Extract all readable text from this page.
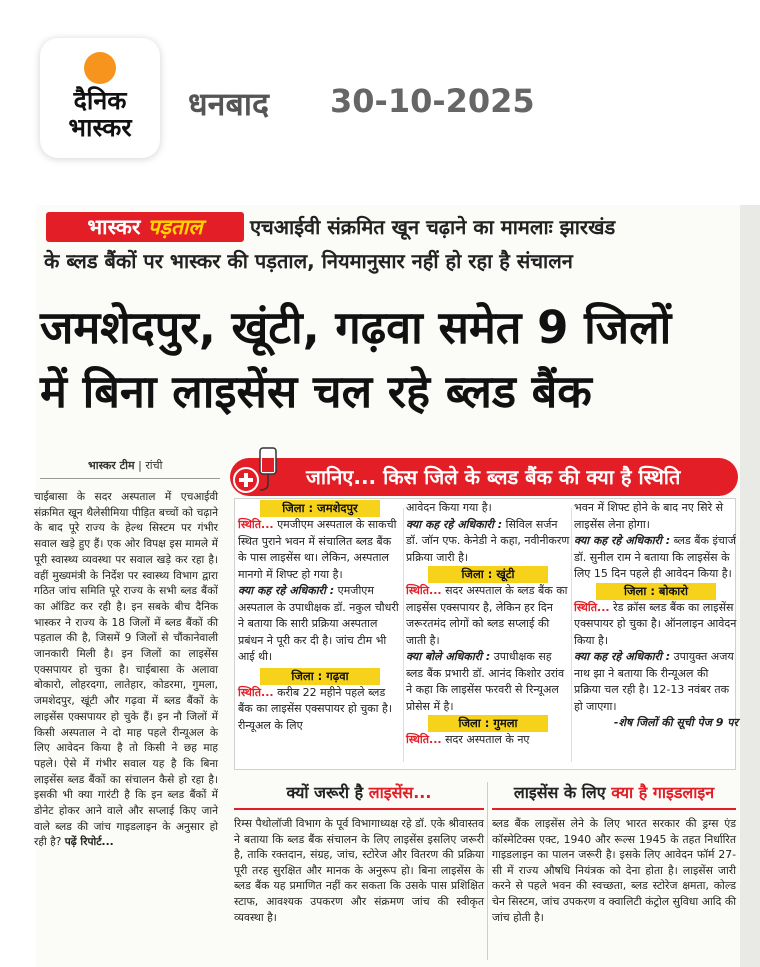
दैनिक
भास्कर
धनबाद 30-10-2025
भास्कर पड़ताल	एचआईवी संक्रमित खून चढ़ाने का मामलाः झारखंड
के ब्लड बैंकों पर भास्कर की पड़ताल, नियमानुसार नहीं हो रहा है संचालन
जमशेदपुर, खूंटी, गढ़वा समेत 9 जिलों
में बिना लाइसेंस चल रहे ब्लड बैंक
भास्कर टीम | रांची
चाईबासा के सदर अस्पताल में एचआईवी संक्रमित खून थैलेसीमिया पीड़ित बच्चों को चढ़ाने के बाद पूरे राज्य के हेल्थ सिस्टम पर गंभीर सवाल खड़े हुए हैं। एक ओर विपक्ष इस मामले में पूरी स्वास्थ्य व्यवस्था पर सवाल खड़े कर रहा है। वहीं मुख्यमंत्री के निर्देश पर स्वास्थ्य विभाग द्वारा गठित जांच समिति पूरे राज्य के सभी ब्लड बैंकों का ऑडिट कर रही है। इन सबके बीच दैनिक भास्कर ने राज्य के 18 जिलों में ब्लड बैंकों की पड़ताल की है, जिसमें 9 जिलों से चौंकानेवाली जानकारी मिली है। इन जिलों का लाइसेंस एक्सपायर हो चुका है। चाईबासा के अलावा बोकारो, लोहरदगा, लातेहार, कोडरमा, गुमला, जमशेदपुर, खूंटी और गढ़वा में ब्लड बैंकों के लाइसेंस एक्सपायर हो चुके हैं। इन नौ जिलों में किसी अस्पताल ने दो माह पहले रीन्यूअल के लिए आवेदन किया है तो किसी ने छह माह पहले। ऐसे में गंभीर सवाल यह है कि बिना लाइसेंस ब्लड बैंकों का संचालन कैसे हो रहा है। इसकी भी क्या गारंटी है कि इन ब्लड बैंकों में डोनेट होकर आने वाले और सप्लाई किए जाने वाले ब्लड की जांच गाइडलाइन के अनुसार हो रही है? पढ़ें रिपोर्ट...
जानिए... किस जिले के ब्लड बैंक की क्या है स्थिति
जिला : जमशेदपुर
स्थिति... एमजीएम अस्पताल के साकची स्थित पुराने भवन में संचालित ब्लड बैंक के पास लाइसेंस था। लेकिन, अस्पताल मानगो में शिफ्ट हो गया है।
क्या कह रहे अधिकारी : एमजीएम अस्पताल के उपाधीक्षक डॉ. नकुल चौधरी ने बताया कि सारी प्रक्रिया अस्पताल प्रबंधन ने पूरी कर दी है। जांच टीम भी आई थी।
जिला : गढ़वा
स्थिति... करीब 22 महीने पहले ब्लड बैंक का लाइसेंस एक्सपायर हो चुका है। रीन्यूअल के लिए
आवेदन किया गया है।
क्या कह रहे अधिकारी : सिविल सर्जन डॉ. जॉन एफ. केनेडी ने कहा, नवीनीकरण प्रक्रिया जारी है।
जिला : खूंटी
स्थिति... सदर अस्पताल के ब्लड बैंक का लाइसेंस एक्सपायर है, लेकिन हर दिन जरूरतमंद लोगों को ब्लड सप्लाई की जाती है।
क्या बोले अधिकारी : उपाधीक्षक सह ब्लड बैंक प्रभारी डॉ. आनंद किशोर उरांव ने कहा कि लाइसेंस फरवरी से रिन्यूअल प्रोसेस में है।
जिला : गुमला
स्थिति... सदर अस्पताल के नए
भवन में शिफ्ट होने के बाद नए सिरे से लाइसेंस लेना होगा।
क्या कह रहे अधिकारी : ब्लड बैंक इंचार्ज डॉ. सुनील राम ने बताया कि लाइसेंस के लिए 15 दिन पहले ही आवेदन किया है।
जिला : बोकारो
स्थिति... रेड क्रॉस ब्लड बैंक का लाइसेंस एक्सपायर हो चुका है। ऑनलाइन आवेदन किया है।
क्या कह रहे अधिकारी : उपायुक्त अजय नाथ झा ने बताया कि रीन्यूअल की प्रक्रिया चल रही है। 12-13 नवंबर तक हो जाएगा।
-शेष जिलों की सूची पेज 9 पर
क्यों जरूरी है लाइसेंस...
रिम्स पैथोलॉजी विभाग के पूर्व विभागाध्यक्ष रहे डॉ. एके श्रीवास्तव ने बताया कि ब्लड बैंक संचालन के लिए लाइसेंस इसलिए जरूरी है, ताकि रक्तदान, संग्रह, जांच, स्टोरेज और वितरण की प्रक्रिया पूरी तरह सुरक्षित और मानक के अनुरूप हो। बिना लाइसेंस के ब्लड बैंक यह प्रमाणित नहीं कर सकता कि उसके पास प्रशिक्षित स्टाफ, आवश्यक उपकरण और संक्रमण जांच की स्वीकृत व्यवस्था है।
लाइसेंस के लिए क्या है गाइडलाइन
ब्लड बैंक लाइसेंस लेने के लिए भारत सरकार की ड्रग्स एंड कॉस्मेटिक्स एक्ट, 1940 और रूल्स 1945 के तहत निर्धारित गाइडलाइन का पालन जरूरी है। इसके लिए आवेदन फॉर्म 27-सी में राज्य औषधि नियंत्रक को देना होता है। लाइसेंस जारी करने से पहले भवन की स्वच्छता, ब्लड स्टोरेज क्षमता, कोल्ड चेन सिस्टम, जांच उपकरण व क्वालिटी कंट्रोल सुविधा आदि की जांच होती है।
